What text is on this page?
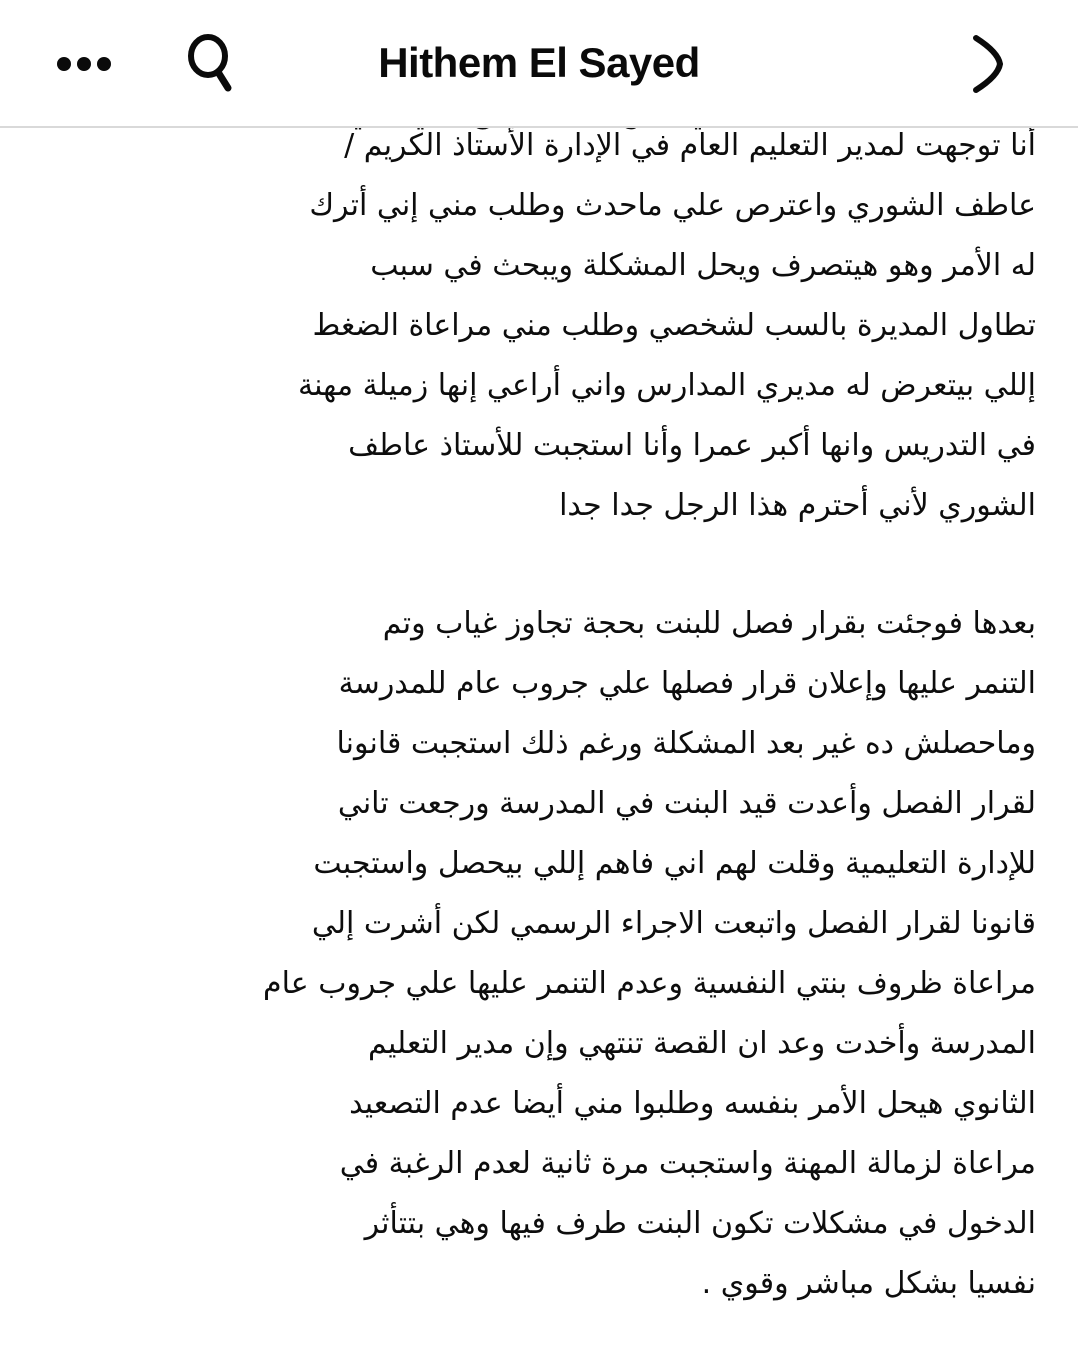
Hithem El Sayed
أنا توجهت لمدير التعليم العام في الإدارة الأستاذ الكريم /
عاطف الشوري واعترص علي ماحدث وطلب مني إني أترك
له الأمر وهو هيتصرف ويحل المشكلة ويبحث في سبب
تطاول المديرة بالسب لشخصي وطلب مني مراعاة الضغط
إللي بيتعرض له مديري المدارس واني أراعي إنها زميلة مهنة
في التدريس وانها أكبر عمرا وأنا استجبت للأستاذ عاطف
الشوري لأني أحترم هذا الرجل جدا جدا
بعدها فوجئت بقرار فصل للبنت بحجة تجاوز غياب وتم
التنمر عليها وإعلان قرار فصلها علي جروب عام للمدرسة
وماحصلش ده غير بعد المشكلة ورغم ذلك استجبت قانونا
لقرار الفصل وأعدت قيد البنت في المدرسة ورجعت تاني
للإدارة التعليمية وقلت لهم اني فاهم إللي بيحصل واستجبت
قانونا لقرار الفصل واتبعت الاجراء الرسمي لكن أشرت إلي
مراعاة ظروف بنتي النفسية وعدم التنمر عليها علي جروب عام
المدرسة وأخدت وعد ان القصة تنتهي وإن مدير التعليم
الثانوي هيحل الأمر بنفسه وطلبوا مني أيضا عدم التصعيد
مراعاة لزمالة المهنة واستجبت مرة ثانية لعدم الرغبة في
الدخول في مشكلات تكون البنت طرف فيها وهي بتتأثر
نفسيا بشكل مباشر وقوي .
